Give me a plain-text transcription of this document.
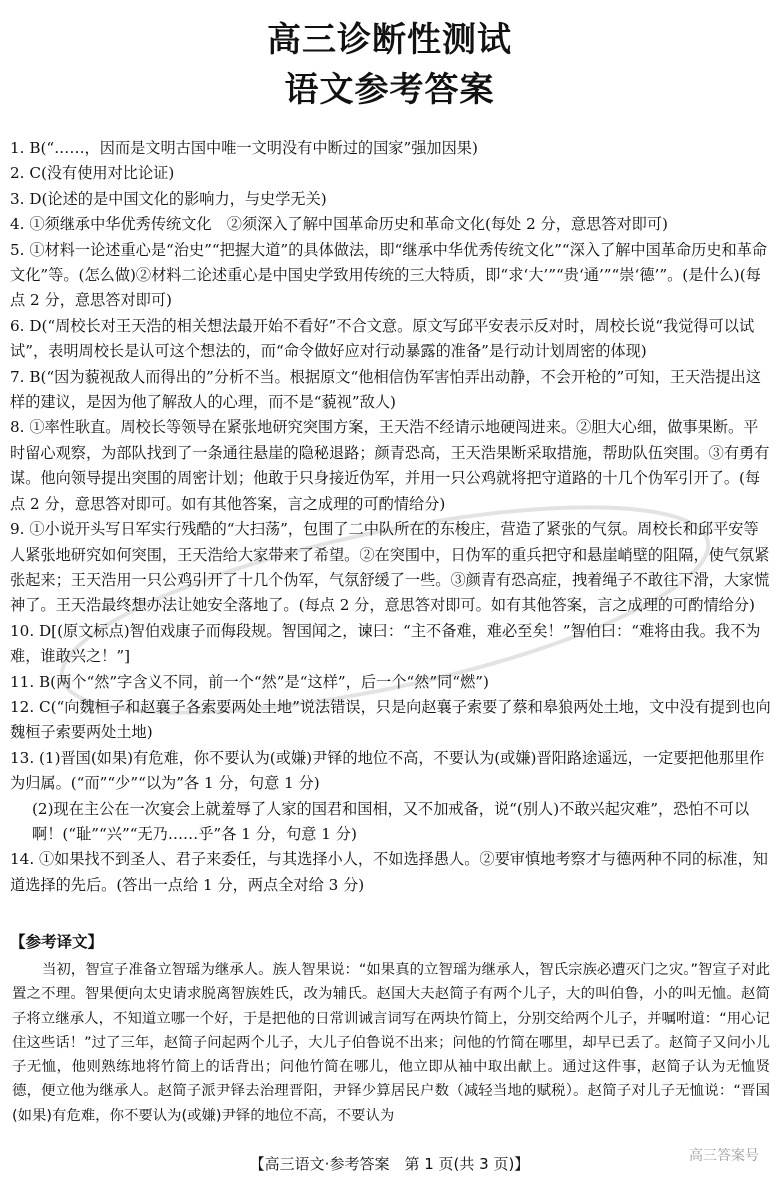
高三诊断性测试
语文参考答案

1. B(“……，因而是文明古国中唯一文明没有中断过的国家”强加因果)

2. C(没有使用对比论证)

3. D(论述的是中国文化的影响力，与史学无关)

4. ①须继承中华优秀传统文化　②须深入了解中国革命历史和革命文化(每处 2 分，意思答对即可)

5. ①材料一论述重心是“治史”“把握大道”的具体做法，即“继承中华优秀传统文化”“深入了解中国革命历史和革命文化”等。(怎么做)②材料二论述重心是中国史学致用传统的三大特质，即“求‘大’”“贵‘通’”“崇‘德’”。(是什么)(每点 2 分，意思答对即可)

6. D(“周校长对王天浩的相关想法最开始不看好”不合文意。原文写邱平安表示反对时，周校长说“我觉得可以试试”，表明周校长是认可这个想法的，而“命令做好应对行动暴露的准备”是行动计划周密的体现)

7. B(“因为藐视敌人而得出的”分析不当。根据原文“他相信伪军害怕弄出动静，不会开枪的”可知，王天浩提出这样的建议，是因为他了解敌人的心理，而不是“藐视”敌人)

8. ①率性耿直。周校长等领导在紧张地研究突围方案，王天浩不经请示地硬闯进来。②胆大心细，做事果断。平时留心观察，为部队找到了一条通往悬崖的隐秘退路；颜青恐高，王天浩果断采取措施，帮助队伍突围。③有勇有谋。他向领导提出突围的周密计划；他敢于只身接近伪军，并用一只公鸡就将把守道路的十几个伪军引开了。(每点 2 分，意思答对即可。如有其他答案，言之成理的可酌情给分)

9. ①小说开头写日军实行残酷的“大扫荡”，包围了二中队所在的东梭庄，营造了紧张的气氛。周校长和邱平安等人紧张地研究如何突围，王天浩给大家带来了希望。②在突围中，日伪军的重兵把守和悬崖峭壁的阻隔，使气氛紧张起来；王天浩用一只公鸡引开了十几个伪军，气氛舒缓了一些。③颜青有恐高症，拽着绳子不敢往下滑，大家慌神了。王天浩最终想办法让她安全落地了。(每点 2 分，意思答对即可。如有其他答案，言之成理的可酌情给分)

10. D[(原文标点)智伯戏康子而侮段规。智国闻之，谏曰：“主不备难，难必至矣！”智伯曰：“难将由我。我不为难，谁敢兴之！”]

11. B(两个“然”字含义不同，前一个“然”是“这样”，后一个“然”同“燃”)

12. C(“向魏桓子和赵襄子各索要两处土地”说法错误，只是向赵襄子索要了蔡和皋狼两处土地，文中没有提到也向魏桓子索要两处土地)

13. (1)晋国(如果)有危难，你不要认为(或嫌)尹铎的地位不高，不要认为(或嫌)晋阳路途遥远，一定要把他那里作为归属。(“而”“少”“以为”各 1 分，句意 1 分)
(2)现在主公在一次宴会上就羞辱了人家的国君和国相，又不加戒备，说“(别人)不敢兴起灾难”，恐怕不可以啊！(“耻”“兴”“无乃……乎”各 1 分，句意 1 分)

14. ①如果找不到圣人、君子来委任，与其选择小人，不如选择愚人。②要审慎地考察才与德两种不同的标准，知道选择的先后。(答出一点给 1 分，两点全对给 3 分)

【参考译文】
当初，智宣子准备立智瑶为继承人。族人智果说：“如果真的立智瑶为继承人，智氏宗族必遭灭门之灾。”智宣子对此置之不理。智果便向太史请求脱离智族姓氏，改为辅氏。赵国大夫赵简子有两个儿子，大的叫伯鲁，小的叫无恤。赵简子将立继承人，不知道立哪一个好，于是把他的日常训诫言词写在两块竹简上，分别交给两个儿子，并嘱咐道：“用心记住这些话！”过了三年，赵简子问起两个儿子，大儿子伯鲁说不出来；问他的竹简在哪里，却早已丢了。赵简子又问小儿子无恤，他则熟练地将竹简上的话背出；问他竹简在哪儿，他立即从袖中取出献上。通过这件事，赵简子认为无恤贤德，便立他为继承人。赵简子派尹铎去治理晋阳，尹铎少算居民户数（减轻当地的赋税）。赵简子对儿子无恤说：“晋国(如果)有危难，你不要认为(或嫌)尹铎的地位不高，不要认为
【高三语文·参考答案　第 1 页(共 3 页)】	高三答案号
